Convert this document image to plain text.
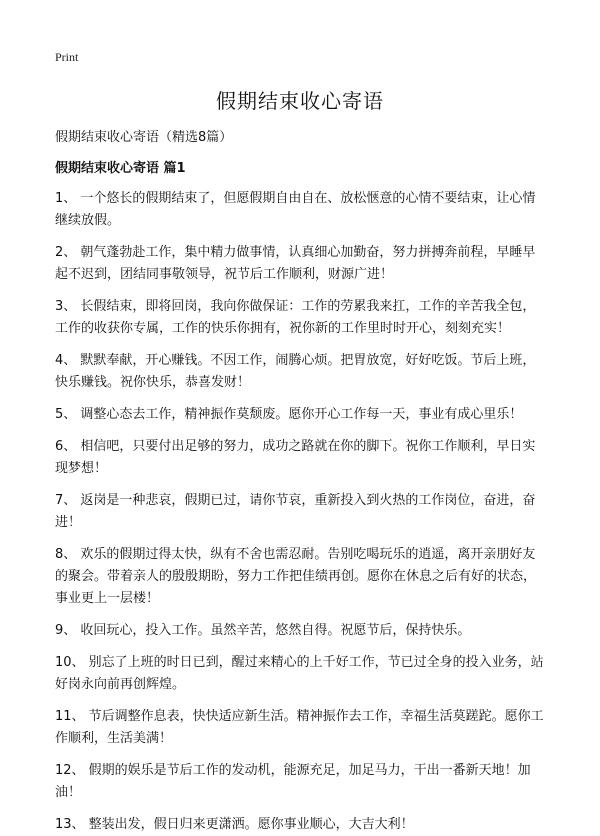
Print
假期结束收心寄语
假期结束收心寄语（精选8篇）
假期结束收心寄语 篇1
1、 一个悠长的假期结束了，但愿假期自由自在、放松惬意的心情不要结束，让心情继续放假。
2、 朝气蓬勃赴工作，集中精力做事情，认真细心加勤奋，努力拼搏奔前程，早睡早起不迟到，团结同事敬领导，祝节后工作顺利，财源广进！
3、 长假结束，即将回岗，我向你做保证：工作的劳累我来扛，工作的辛苦我全包，工作的收获你专属，工作的快乐你拥有，祝你新的工作里时时开心，刻刻充实！
4、 默默奉献，开心赚钱。不因工作，闹腾心烦。把胃放宽，好好吃饭。节后上班，快乐赚钱。祝你快乐，恭喜发财！
5、 调整心态去工作，精神振作莫颓废。愿你开心工作每一天，事业有成心里乐！
6、 相信吧，只要付出足够的努力，成功之路就在你的脚下。祝你工作顺利，早日实现梦想！
7、 返岗是一种悲哀，假期已过，请你节哀，重新投入到火热的工作岗位，奋进，奋进！
8、 欢乐的假期过得太快，纵有不舍也需忍耐。告别吃喝玩乐的逍遥，离开亲朋好友的聚会。带着亲人的殷殷期盼，努力工作把佳绩再创。愿你在休息之后有好的状态，事业更上一层楼！
9、 收回玩心，投入工作。虽然辛苦，悠然自得。祝愿节后，保持快乐。
10、 别忘了上班的时日已到，醒过来精心的上千好工作，节已过全身的投入业务，站好岗永向前再创辉煌。
11、 节后调整作息表，快快适应新生活。精神振作去工作，幸福生活莫蹉跎。愿你工作顺利，生活美满！
12、 假期的娱乐是节后工作的发动机，能源充足，加足马力，干出一番新天地！加油！
13、 整装出发，假日归来更潇洒。愿你事业顺心，大吉大利！
